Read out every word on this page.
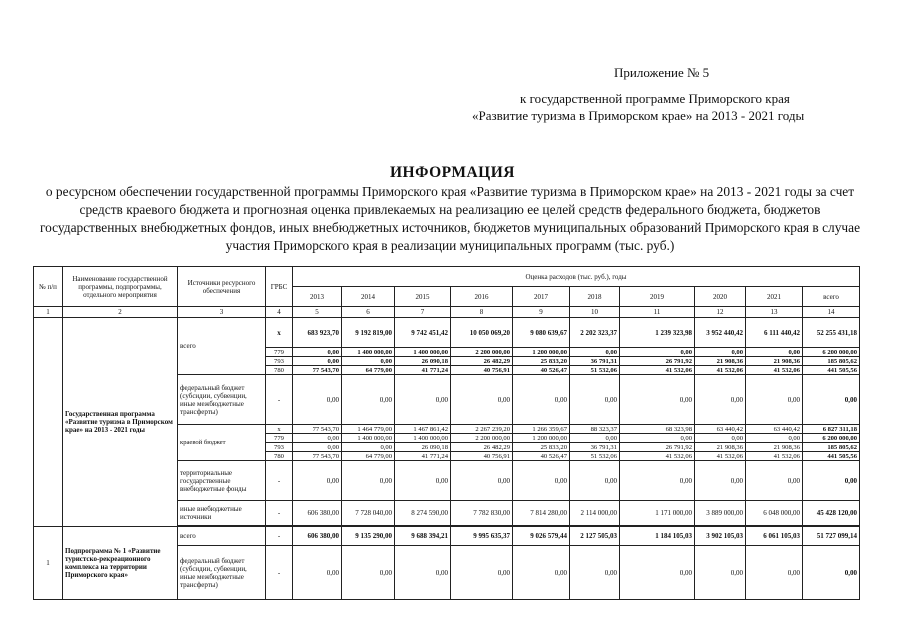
Приложение № 5
к государственной программе Приморского края
«Развитие туризма в Приморском крае» на 2013 - 2021 годы
ИНФОРМАЦИЯ
о ресурсном обеспечении государственной программы Приморского края «Развитие туризма в Приморском крае» на 2013 - 2021 годы за счет средств краевого бюджета и прогнозная оценка привлекаемых на реализацию ее целей средств федерального бюджета, бюджетов государственных внебюджетных фондов, иных внебюджетных источников, бюджетов муниципальных образований Приморского края в случае участия Приморского края в реализации муниципальных программ (тыс. руб.)
№ п/п	Наименование государственной программы, подпрограммы, отдельного мероприятия	Источники ресурсного обеспечения	ГРБС	Оценка расходов (тыс. руб.), годы									
				2013	2014	2015	2016	2017	2018	2019	2020	2021	всего
1	2	3	4	5	6	7	8	9	10	11	12	13	14
	Государственная программа «Развитие туризма в Приморском крае» на 2013 - 2021 годы	всего	x	683 923,70	9 192 819,00	9 742 451,42	10 050 069,20	9 080 639,67	2 202 323,37	1 239 323,98	3 952 440,42	6 111 440,42	52 255 431,18
			779	0,00	1 400 000,00	1 400 000,00	2 200 000,00	1 200 000,00	0,00	0,00	0,00	0,00	6 200 000,00
			793	0,00	0,00	26 090,18	26 482,29	25 833,20	36 791,31	26 791,92	21 908,36	21 908,36	185 805,62
			780	77 543,70	64 779,00	41 771,24	40 756,91	40 526,47	51 532,06	41 532,06	41 532,06	41 532,06	441 505,56
		федеральный бюджет (субсидии, субвенции, иные межбюджетные трансферты)	-	0,00	0,00	0,00	0,00	0,00	0,00	0,00	0,00	0,00	0,00
		краевой бюджет	x	77 543,70	1 464 779,00	1 467 861,42	2 267 239,20	1 266 359,67	88 323,37	68 323,98	63 440,42	63 440,42	6 827 311,18
			779	0,00	1 400 000,00	1 400 000,00	2 200 000,00	1 200 000,00	0,00	0,00	0,00	0,00	6 200 000,00
			793	0,00	0,00	26 090,18	26 482,29	25 833,20	36 791,31	26 791,92	21 908,36	21 908,36	185 805,62
			780	77 543,70	64 779,00	41 771,24	40 756,91	40 526,47	51 532,06	41 532,06	41 532,06	41 532,06	441 505,56
		территориальные государственные внебюджетные фонды	-	0,00	0,00	0,00	0,00	0,00	0,00	0,00	0,00	0,00	0,00
		иные внебюджетные источники	-	606 380,00	7 728 040,00	8 274 590,00	7 782 830,00	7 814 280,00	2 114 000,00	1 171 000,00	3 889 000,00	6 048 000,00	45 428 120,00

1	Подпрограмма № 1 «Развитие туристско-рекреационного комплекса на территории Приморского края»	всего	-	606 380,00	9 135 290,00	9 688 394,21	9 995 635,37	9 026 579,44	2 127 505,03	1 184 105,03	3 902 105,03	6 061 105,03	51 727 099,14
		федеральный бюджет (субсидии, субвенции, иные межбюджетные трансферты)	-	0,00	0,00	0,00	0,00	0,00	0,00	0,00	0,00	0,00	0,00
